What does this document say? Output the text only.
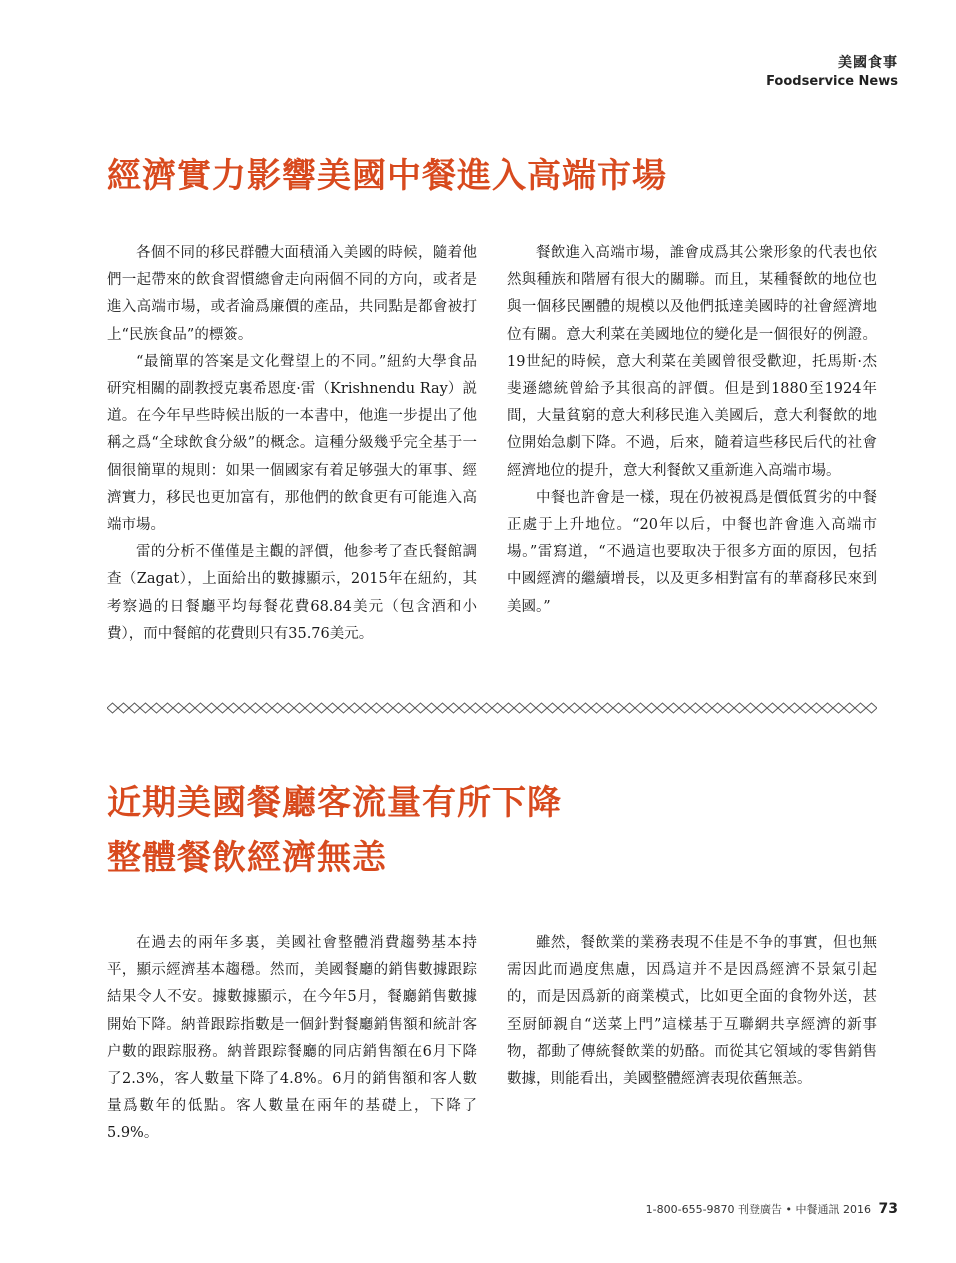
美國食事
Foodservice News
經濟實力影響美國中餐進入高端市場

各個不同的移民群體大面積涌入美國的時候，隨着他們一起帶來的飲食習慣總會走向兩個不同的方向，或者是進入高端市場，或者淪爲廉價的產品，共同點是都會被打上“民族食品”的標簽。

“最簡單的答案是文化聲望上的不同。”紐約大學食品研究相關的副教授克裏希恩度·雷（Krishnendu Ray）説道。在今年早些時候出版的一本書中，他進一步提出了他稱之爲“全球飲食分級”的概念。這種分級幾乎完全基于一個很簡單的規則：如果一個國家有着足够强大的軍事、經濟實力，移民也更加富有，那他們的飲食更有可能進入高端市場。

雷的分析不僅僅是主觀的評價，他参考了查氏餐館調查（Zagat），上面給出的數據顯示，2015年在紐約，其考察過的日餐廳平均每餐花費68.84美元（包含酒和小費），而中餐館的花費則只有35.76美元。

餐飲進入高端市場，誰會成爲其公衆形象的代表也依然與種族和階層有很大的關聯。而且，某種餐飲的地位也與一個移民團體的規模以及他們抵達美國時的社會經濟地位有關。意大利菜在美國地位的變化是一個很好的例證。19世紀的時候，意大利菜在美國曾很受歡迎，托馬斯·杰斐遜總統曾給予其很高的評價。但是到1880至1924年間，大量貧窮的意大利移民進入美國后，意大利餐飲的地位開始急劇下降。不過，后來，隨着這些移民后代的社會經濟地位的提升，意大利餐飲又重新進入高端市場。

中餐也許會是一樣，現在仍被視爲是價低質劣的中餐正處于上升地位。“20年以后，中餐也許會進入高端市場。”雷寫道，“不過這也要取决于很多方面的原因，包括中國經濟的繼續增長，以及更多相對富有的華裔移民來到美國。”

近期美國餐廳客流量有所下降
整體餐飲經濟無恙

在過去的兩年多裏，美國社會整體消費趨勢基本持平，顯示經濟基本趨穩。然而，美國餐廳的銷售數據跟踪結果令人不安。據數據顯示，在今年5月，餐廳銷售數據開始下降。納普跟踪指數是一個針對餐廳銷售額和統計客户數的跟踪服務。納普跟踪餐廳的同店銷售額在6月下降了2.3%，客人數量下降了4.8%。6月的銷售額和客人數量爲數年的低點。客人數量在兩年的基礎上，下降了5.9%。

雖然，餐飲業的業務表現不佳是不争的事實，但也無需因此而過度焦慮，因爲這并不是因爲經濟不景氣引起的，而是因爲新的商業模式，比如更全面的食物外送，甚至厨師親自“送菜上門”這樣基于互聯網共享經濟的新事物，都動了傳統餐飲業的奶酪。而從其它領域的零售銷售數據，則能看出，美國整體經濟表現依舊無恙。

1-800-655-9870 刊登廣告 • 中餐通訊 2016 73
